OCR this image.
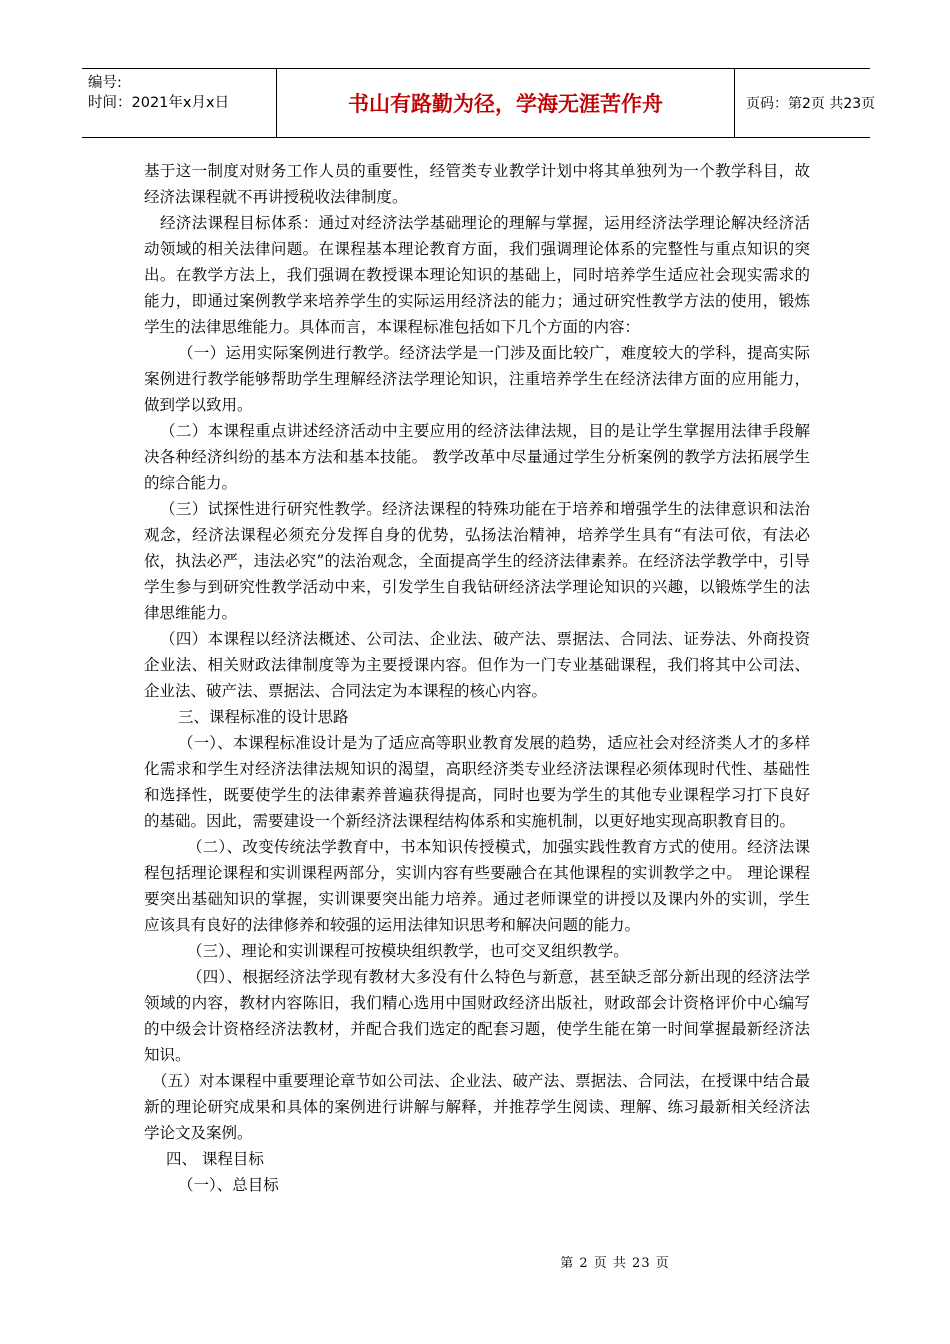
编号:
时间：2021年x月x日	书山有路勤为径，学海无涯苦作舟	页码：第2页 共23页

基于这一制度对财务工作人员的重要性，经管类专业教学计划中将其单独列为一个教学科目，故经济法课程就不再讲授税收法律制度。

经济法课程目标体系：通过对经济法学基础理论的理解与掌握，运用经济法学理论解决经济活动领域的相关法律问题。在课程基本理论教育方面，我们强调理论体系的完整性与重点知识的突出。在教学方法上，我们强调在教授课本理论知识的基础上，同时培养学生适应社会现实需求的能力，即通过案例教学来培养学生的实际运用经济法的能力；通过研究性教学方法的使用，锻炼学生的法律思维能力。具体而言，本课程标准包括如下几个方面的内容：

（一）运用实际案例进行教学。经济法学是一门涉及面比较广，难度较大的学科，提高实际案例进行教学能够帮助学生理解经济法学理论知识，注重培养学生在经济法律方面的应用能力，做到学以致用。

（二）本课程重点讲述经济活动中主要应用的经济法律法规，目的是让学生掌握用法律手段解决各种经济纠纷的基本方法和基本技能。 教学改革中尽量通过学生分析案例的教学方法拓展学生的综合能力。

（三）试探性进行研究性教学。经济法课程的特殊功能在于培养和增强学生的法律意识和法治观念，经济法课程必须充分发挥自身的优势，弘扬法治精神，培养学生具有“有法可依，有法必依，执法必严，违法必究”的法治观念，全面提高学生的经济法律素养。在经济法学教学中，引导学生参与到研究性教学活动中来，引发学生自我钻研经济法学理论知识的兴趣，以锻炼学生的法律思维能力。

（四）本课程以经济法概述、公司法、企业法、破产法、票据法、合同法、证券法、外商投资企业法、相关财政法律制度等为主要授课内容。但作为一门专业基础课程，我们将其中公司法、企业法、破产法、票据法、合同法定为本课程的核心内容。

三、课程标准的设计思路

（一）、本课程标准设计是为了适应高等职业教育发展的趋势，适应社会对经济类人才的多样化需求和学生对经济法律法规知识的渴望，高职经济类专业经济法课程必须体现时代性、基础性和选择性，既要使学生的法律素养普遍获得提高，同时也要为学生的其他专业课程学习打下良好的基础。因此，需要建设一个新经济法课程结构体系和实施机制，以更好地实现高职教育目的。

（二）、改变传统法学教育中，书本知识传授模式，加强实践性教育方式的使用。经济法课程包括理论课程和实训课程两部分，实训内容有些要融合在其他课程的实训教学之中。 理论课程要突出基础知识的掌握，实训课要突出能力培养。通过老师课堂的讲授以及课内外的实训，学生应该具有良好的法律修养和较强的运用法律知识思考和解决问题的能力。

（三）、理论和实训课程可按模块组织教学，也可交叉组织教学。

（四）、根据经济法学现有教材大多没有什么特色与新意，甚至缺乏部分新出现的经济法学领域的内容，教材内容陈旧，我们精心选用中国财政经济出版社，财政部会计资格评价中心编写的中级会计资格经济法教材，并配合我们选定的配套习题，使学生能在第一时间掌握最新经济法知识。

（五）对本课程中重要理论章节如公司法、企业法、破产法、票据法、合同法，在授课中结合最新的理论研究成果和具体的案例进行讲解与解释，并推荐学生阅读、理解、练习最新相关经济法学论文及案例。

四、 课程目标

（一）、总目标

第 2 页 共 23 页
